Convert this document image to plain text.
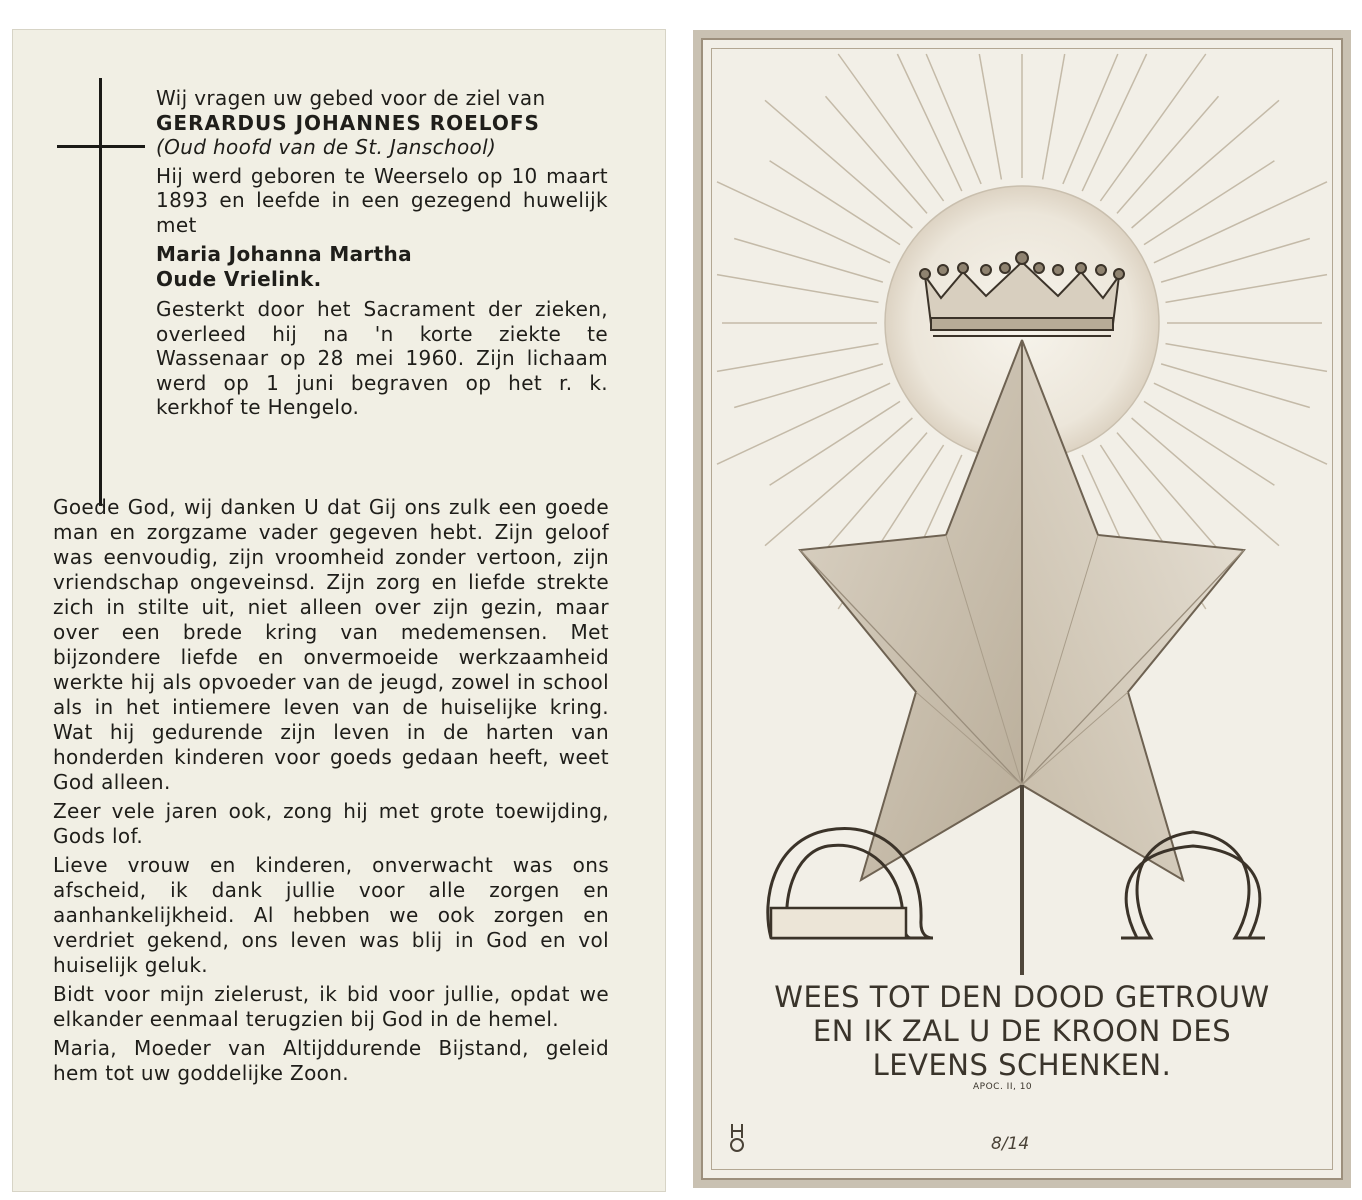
Wij vragen uw gebed voor de ziel van

GERARDUS JOHANNES ROELOFS

(Oud hoofd van de St. Janschool)

Hij werd geboren te Weerselo op 10 maart 1893 en leefde in een gezegend huwelijk met

Maria Johanna Martha
Oude Vrielink.

Gesterkt door het Sacrament der zieken, overleed hij na 'n korte ziekte te Wassenaar op 28 mei 1960. Zijn lichaam werd op 1 juni begraven op het r. k. kerkhof te Hengelo.

Goede God, wij danken U dat Gij ons zulk een goede man en zorgzame vader gegeven hebt. Zijn geloof was eenvoudig, zijn vroomheid zonder vertoon, zijn vriendschap ongeveinsd. Zijn zorg en liefde strekte zich in stilte uit, niet alleen over zijn gezin, maar over een brede kring van medemensen. Met bijzondere liefde en onvermoeide werkzaamheid werkte hij als opvoeder van de jeugd, zowel in school als in het intiemere leven van de huiselijke kring. Wat hij gedurende zijn leven in de harten van honderden kinderen voor goeds gedaan heeft, weet God alleen.

Zeer vele jaren ook, zong hij met grote toewijding, Gods lof.

Lieve vrouw en kinderen, onverwacht was ons afscheid, ik dank jullie voor alle zorgen en aanhankelijkheid. Al hebben we ook zorgen en verdriet gekend, ons leven was blij in God en vol huiselijk geluk.

Bidt voor mijn zielerust, ik bid voor jullie, opdat we elkander eenmaal terugzien bij God in de hemel.

Maria, Moeder van Altijddurende Bijstand, geleid hem tot uw goddelijke Zoon.

WEES TOT DEN DOOD GETROUW
EN IK ZAL U DE KROON DES
LEVENS SCHENKEN.
APOC. II, 10
8/14
